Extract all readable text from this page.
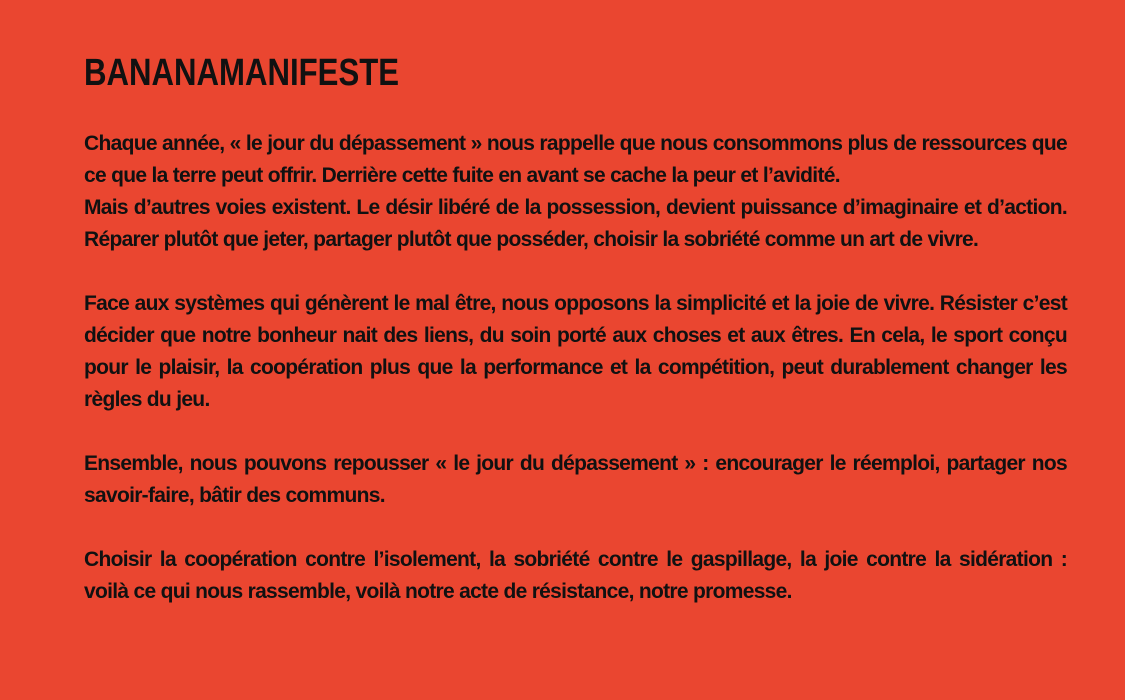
BANANAMANIFESTE

Chaque année, « le jour du dépassement » nous rappelle que nous consommons plus de ressources que ce que la terre peut offrir. Derrière cette fuite en avant se cache la peur et l’avidité.

Mais d’autres voies existent. Le désir libéré de la possession, devient puissance d’imaginaire et d’action. Réparer plutôt que jeter, partager plutôt que posséder, choisir la sobriété comme un art de vivre.

Face aux systèmes qui génèrent le mal être, nous opposons la simplicité et la joie de vivre. Résister c’est décider que notre bonheur nait des liens, du soin porté aux choses et aux êtres. En cela, le sport conçu pour le plaisir, la coopération plus que la performance et la compétition, peut durablement changer les règles du jeu.

Ensemble, nous pouvons repousser « le jour du dépassement » : encourager le réemploi, partager nos savoir-faire, bâtir des communs.

Choisir la coopération contre l’isolement, la sobriété contre le gaspillage, la joie contre la sidération : voilà ce qui nous rassemble, voilà notre acte de résistance, notre promesse.
